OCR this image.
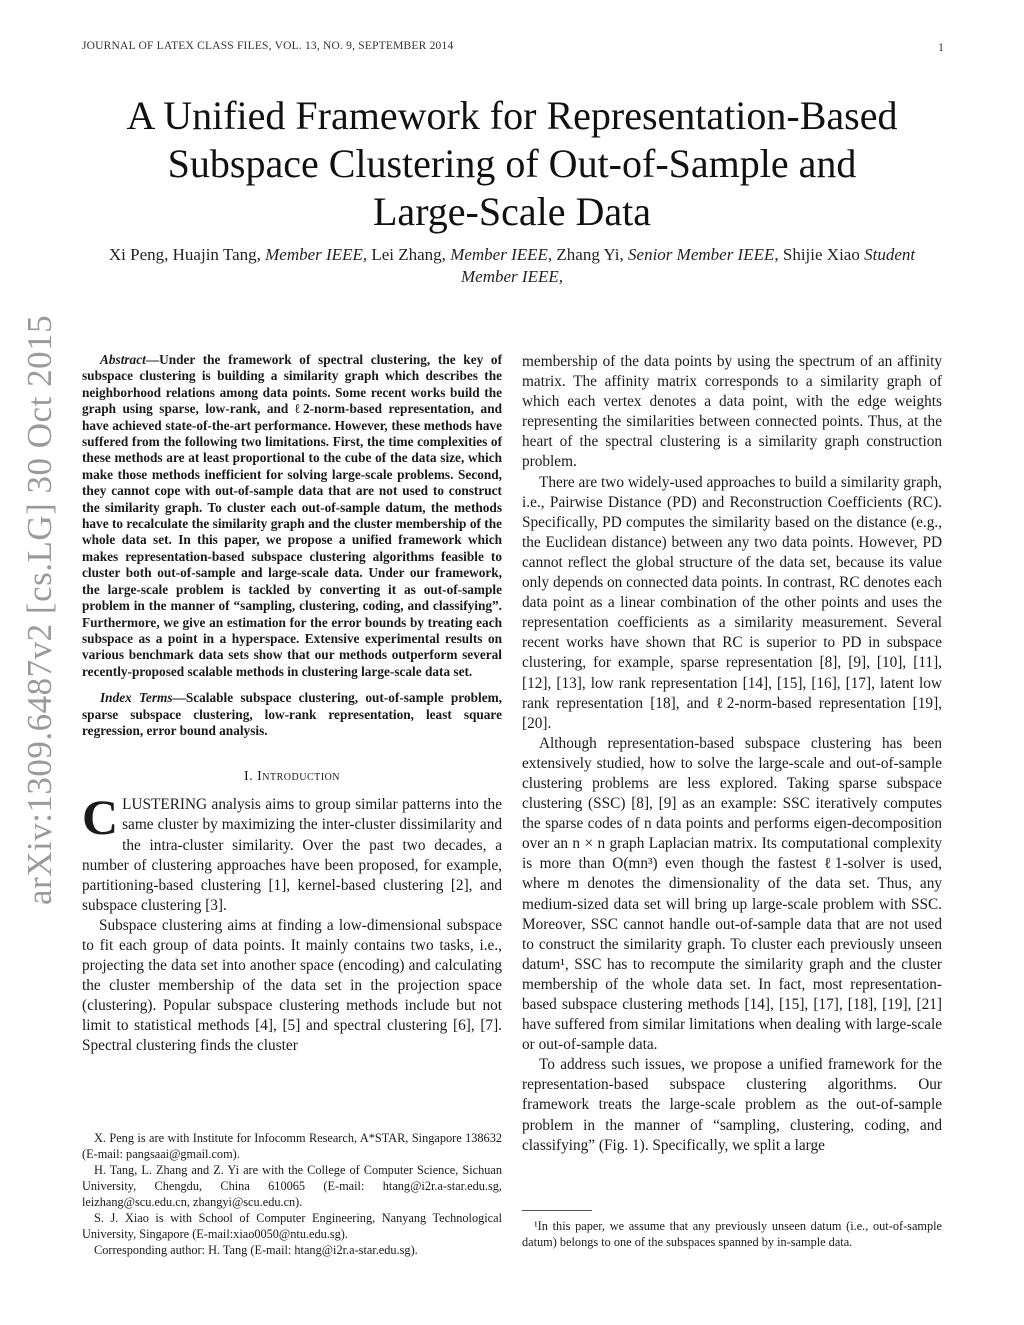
JOURNAL OF LATEX CLASS FILES, VOL. 13, NO. 9, SEPTEMBER 2014	1
A Unified Framework for Representation-Based
Subspace Clustering of Out-of-Sample and
Large-Scale Data
Xi Peng, Huajin Tang, Member IEEE, Lei Zhang, Member IEEE, Zhang Yi, Senior Member IEEE, Shijie Xiao Student Member IEEE,
arXiv:1309.6487v2 [cs.LG] 30 Oct 2015	Abstract—Under the framework of spectral clustering, the key of subspace clustering is building a similarity graph which describes the neighborhood relations among data points. Some recent works build the graph using sparse, low-rank, and ℓ2-norm-based representation, and have achieved state-of-the-art performance. However, these methods have suffered from the following two limitations. First, the time complexities of these methods are at least proportional to the cube of the data size, which make those methods inefficient for solving large-scale problems. Second, they cannot cope with out-of-sample data that are not used to construct the similarity graph. To cluster each out-of-sample datum, the methods have to recalculate the similarity graph and the cluster membership of the whole data set. In this paper, we propose a unified framework which makes representation-based subspace clustering algorithms feasible to cluster both out-of-sample and large-scale data. Under our framework, the large-scale problem is tackled by converting it as out-of-sample problem in the manner of “sampling, clustering, coding, and classifying”. Furthermore, we give an estimation for the error bounds by treating each subspace as a point in a hyperspace. Extensive experimental results on various benchmark data sets show that our methods outperform several recently-proposed scalable methods in clustering large-scale data set.

Index Terms—Scalable subspace clustering, out-of-sample problem, sparse subspace clustering, low-rank representation, least square regression, error bound analysis.

I. Introduction

CLUSTERING analysis aims to group similar patterns into the same cluster by maximizing the inter-cluster dissimilarity and the intra-cluster similarity. Over the past two decades, a number of clustering approaches have been proposed, for example, partitioning-based clustering [1], kernel-based clustering [2], and subspace clustering [3].

Subspace clustering aims at finding a low-dimensional subspace to fit each group of data points. It mainly contains two tasks, i.e., projecting the data set into another space (encoding) and calculating the cluster membership of the data set in the projection space (clustering). Popular subspace clustering methods include but not limit to statistical methods [4], [5] and spectral clustering [6], [7]. Spectral clustering finds the cluster

membership of the data points by using the spectrum of an affinity matrix. The affinity matrix corresponds to a similarity graph of which each vertex denotes a data point, with the edge weights representing the similarities between connected points. Thus, at the heart of the spectral clustering is a similarity graph construction problem.

There are two widely-used approaches to build a similarity graph, i.e., Pairwise Distance (PD) and Reconstruction Coefficients (RC). Specifically, PD computes the similarity based on the distance (e.g., the Euclidean distance) between any two data points. However, PD cannot reflect the global structure of the data set, because its value only depends on connected data points. In contrast, RC denotes each data point as a linear combination of the other points and uses the representation coefficients as a similarity measurement. Several recent works have shown that RC is superior to PD in subspace clustering, for example, sparse representation [8], [9], [10], [11], [12], [13], low rank representation [14], [15], [16], [17], latent low rank representation [18], and ℓ2-norm-based representation [19], [20].

Although representation-based subspace clustering has been extensively studied, how to solve the large-scale and out-of-sample clustering problems are less explored. Taking sparse subspace clustering (SSC) [8], [9] as an example: SSC iteratively computes the sparse codes of n data points and performs eigen-decomposition over an n × n graph Laplacian matrix. Its computational complexity is more than O(mn³) even though the fastest ℓ1-solver is used, where m denotes the dimensionality of the data set. Thus, any medium-sized data set will bring up large-scale problem with SSC. Moreover, SSC cannot handle out-of-sample data that are not used to construct the similarity graph. To cluster each previously unseen datum¹, SSC has to recompute the similarity graph and the cluster membership of the whole data set. In fact, most representation-based subspace clustering methods [14], [15], [17], [18], [19], [21] have suffered from similar limitations when dealing with large-scale or out-of-sample data.

To address such issues, we propose a unified framework for the representation-based subspace clustering algorithms. Our framework treats the large-scale problem as the out-of-sample problem in the manner of “sampling, clustering, coding, and classifying” (Fig. 1). Specifically, we split a large

X. Peng is are with Institute for Infocomm Research, A*STAR, Singapore 138632 (E-mail: pangsaai@gmail.com).

H. Tang, L. Zhang and Z. Yi are with the College of Computer Science, Sichuan University, Chengdu, China 610065 (E-mail: htang@i2r.a-star.edu.sg, leizhang@scu.edu.cn, zhangyi@scu.edu.cn).

S. J. Xiao is with School of Computer Engineering, Nanyang Technological University, Singapore (E-mail:xiao0050@ntu.edu.sg).

Corresponding author: H. Tang (E-mail: htang@i2r.a-star.edu.sg).

¹In this paper, we assume that any previously unseen datum (i.e., out-of-sample datum) belongs to one of the subspaces spanned by in-sample data.
